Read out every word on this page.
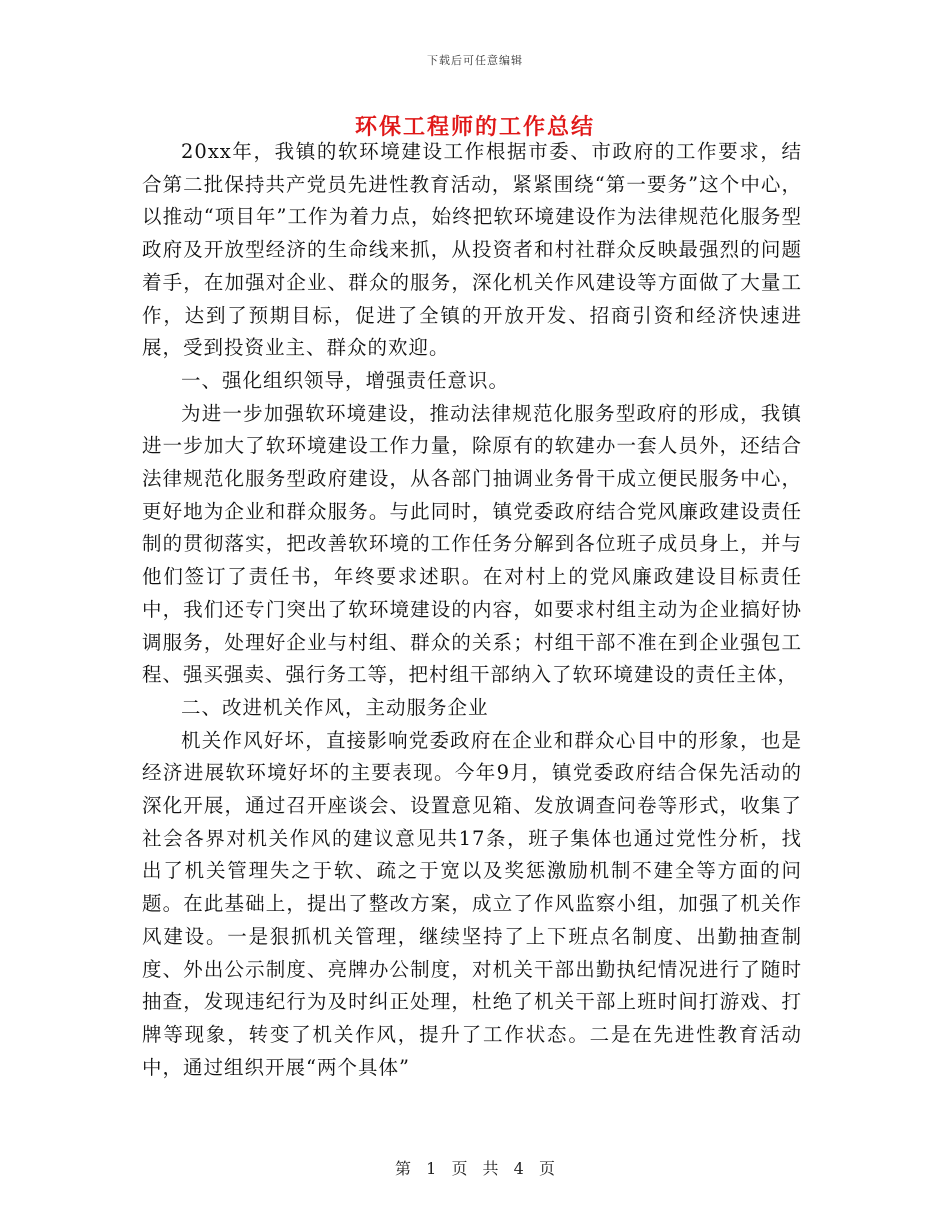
下载后可任意编辑
环保工程师的工作总结

20xx年，我镇的软环境建设工作根据市委、市政府的工作要求，结合第二批保持共产党员先进性教育活动，紧紧围绕“第一要务”这个中心，以推动“项目年”工作为着力点，始终把软环境建设作为法律规范化服务型政府及开放型经济的生命线来抓，从投资者和村社群众反映最强烈的问题着手，在加强对企业、群众的服务，深化机关作风建设等方面做了大量工作，达到了预期目标，促进了全镇的开放开发、招商引资和经济快速进展，受到投资业主、群众的欢迎。

一、强化组织领导，增强责任意识。

为进一步加强软环境建设，推动法律规范化服务型政府的形成，我镇进一步加大了软环境建设工作力量，除原有的软建办一套人员外，还结合法律规范化服务型政府建设，从各部门抽调业务骨干成立便民服务中心，更好地为企业和群众服务。与此同时，镇党委政府结合党风廉政建设责任制的贯彻落实，把改善软环境的工作任务分解到各位班子成员身上，并与他们签订了责任书，年终要求述职。在对村上的党风廉政建设目标责任中，我们还专门突出了软环境建设的内容，如要求村组主动为企业搞好协调服务，处理好企业与村组、群众的关系；村组干部不准在到企业强包工程、强买强卖、强行务工等，把村组干部纳入了软环境建设的责任主体，

二、改进机关作风，主动服务企业

机关作风好坏，直接影响党委政府在企业和群众心目中的形象，也是经济进展软环境好坏的主要表现。今年9月，镇党委政府结合保先活动的深化开展，通过召开座谈会、设置意见箱、发放调查问卷等形式，收集了社会各界对机关作风的建议意见共17条，班子集体也通过党性分析，找出了机关管理失之于软、疏之于宽以及奖惩激励机制不建全等方面的问题。在此基础上，提出了整改方案，成立了作风监察小组，加强了机关作风建设。一是狠抓机关管理，继续坚持了上下班点名制度、出勤抽查制度、外出公示制度、亮牌办公制度，对机关干部出勤执纪情况进行了随时抽查，发现违纪行为及时纠正处理，杜绝了机关干部上班时间打游戏、打牌等现象，转变了机关作风，提升了工作状态。二是在先进性教育活动中，通过组织开展“两个具体”

第 1 页 共 4 页
